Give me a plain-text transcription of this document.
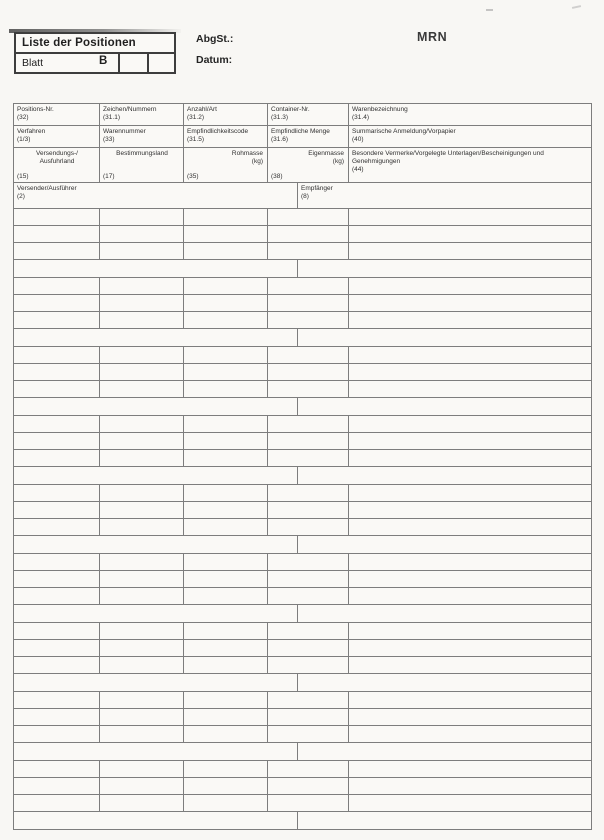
Liste der Positionen
Blatt	B
AbgSt.:
Datum:
MRN
Positions-Nr.
(32)
Zeichen/Nummern
(31.1)
Anzahl/Art
(31.2)
Container-Nr.
(31.3)
Warenbezeichnung
(31.4)
Verfahren
(1/3)
Warennummer
(33)
Empfindlichkeitscode
(31.5)
Empfindliche Menge
(31.6)
Summarische Anmeldung/Vorpapier
(40)
Versendungs-/
Ausfuhrland
(15)
Bestimmungsland
(17)
Rohmasse
(kg)
(35)
Eigenmasse
(kg)
(38)
Besondere Vermerke/Vorgelegte Unterlagen/Bescheinigungen und Genehmigungen
(44)
Versender/Ausführer
(2)
Empfänger
(8)
